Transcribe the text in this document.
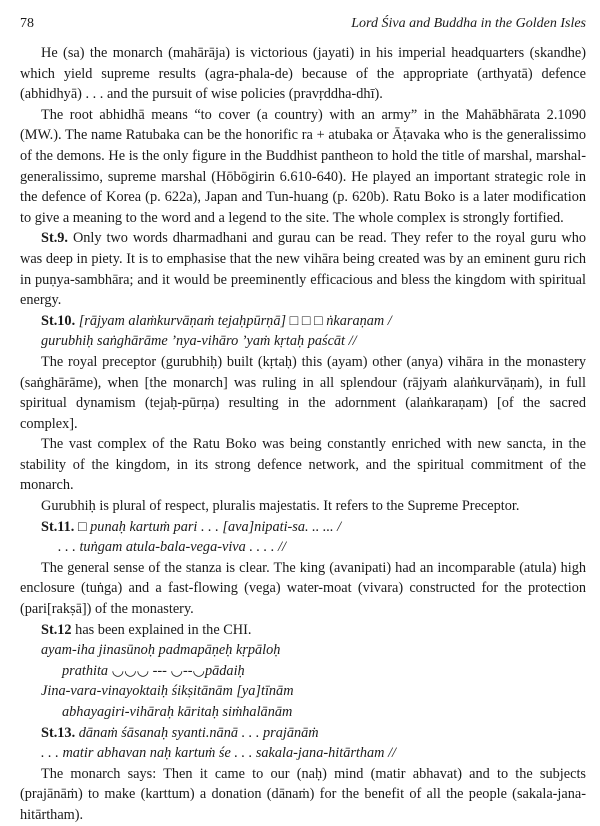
78	Lord Śiva and Buddha in the Golden Isles

He (sa) the monarch (mahārāja) is victorious (jayati) in his imperial headquarters (skandhe) which yield supreme results (agra-phala-de) because of the appropriate (arthyatā) defence (abhidhyā) . . . and the pursuit of wise policies (pravṛddha-dhī).

The root abhidhā means “to cover (a country) with an army” in the Mahābhārata 2.1090 (MW.). The name Ratubaka can be the honorific ra + atubaka or Āṭavaka who is the generalissimo of the demons. He is the only figure in the Buddhist pantheon to hold the title of marshal, marshal-generalissimo, supreme marshal (Hōbōgirin 6.610-640). He played an important strategic role in the defence of Korea (p. 622a), Japan and Tun-huang (p. 620b). Ratu Boko is a later modification to give a meaning to the word and a legend to the site. The whole complex is strongly fortified.

St.9. Only two words dharmadhani and gurau can be read. They refer to the royal guru who was deep in piety. It is to emphasise that the new vihāra being created was by an eminent guru rich in puṇya-sambhāra; and it would be preeminently efficacious and bless the kingdom with spiritual energy.

St.10. [rājyam alaṁkurvāṇaṁ tejaḥpūrṇā] □ □ □ ṅkaraṇam /

gurubhiḥ saṅghārāme ’nya-vihāro ’yaṁ kṛtaḥ paścāt //

The royal preceptor (gurubhiḥ) built (kṛtaḥ) this (ayam) other (anya) vihāra in the monastery (saṅghārāme), when [the monarch] was ruling in all splendour (rājyaṁ alaṅkurvāṇaṁ), in full spiritual dynamism (tejaḥ-pūrṇa) resulting in the adornment (alaṅkaraṇam) [of the sacred complex].

The vast complex of the Ratu Boko was being constantly enriched with new sancta, in the stability of the kingdom, in its strong defence network, and the spiritual commitment of the monarch.

Gurubhiḥ is plural of respect, pluralis majestatis. It refers to the Supreme Preceptor.

St.11. □ punaḥ kartuṁ pari . . . [ava]nipati-sa. .. ... /

. . . tuṅgam atula-bala-vega-viva . . . . //

The general sense of the stanza is clear. The king (avanipati) had an incomparable (atula) high enclosure (tuṅga) and a fast-flowing (vega) water-moat (vivara) constructed for the protection (pari[rakṣā]) of the monastery.

St.12 has been explained in the CHI.

ayam-iha jinasūnoḥ padmapāṇeḥ kṛpāloḥ

prathita ◡◡◡ --- ◡--◡pādaiḥ

Jina-vara-vinayoktaiḥ śikṣitānām [ya]tīnām

abhayagiri-vihāraḥ kāritaḥ siṁhalānām

St.13. dānaṁ śāsanaḥ syanti.nānā . . . prajānāṁ

. . . matir abhavan naḥ kartuṁ śe . . . sakala-jana-hitārtham //

The monarch says: Then it came to our (naḥ) mind (matir abhavat) and to the subjects (prajānāṁ) to make (karttum) a donation (dānaṁ) for the benefit of all the people (sakala-jana-hitārtham).
